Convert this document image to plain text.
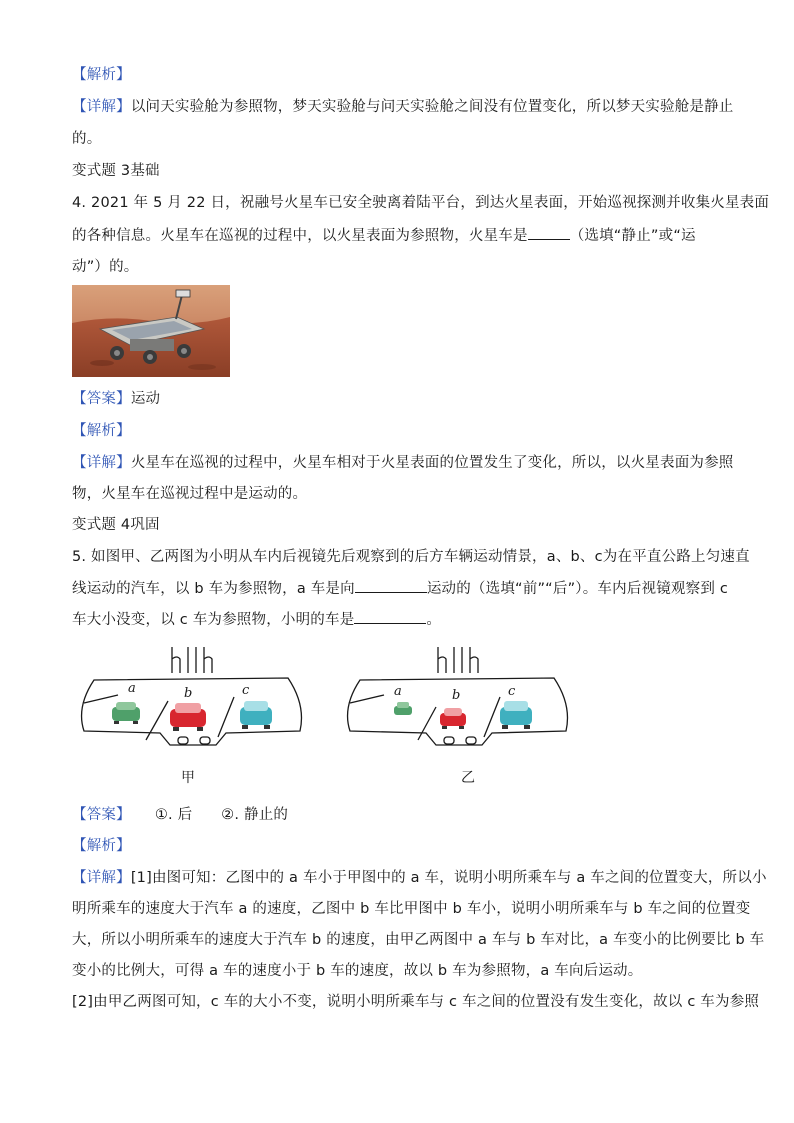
【解析】
【详解】以问天实验舱为参照物，梦天实验舱与问天实验舱之间没有位置变化，所以梦天实验舱是静止
的。
变式题 3基础
4. 2021 年 5 月 22 日，祝融号火星车已安全驶离着陆平台，到达火星表面，开始巡视探测并收集火星表面
的各种信息。火星车在巡视的过程中，以火星表面为参照物，火星车是	（选填“静止”或“运
动”）的。
【答案】运动
【解析】
【详解】火星车在巡视的过程中，火星车相对于火星表面的位置发生了变化，所以，以火星表面为参照
物，火星车在巡视过程中是运动的。
变式题 4巩固
5. 如图甲、乙两图为小明从车内后视镜先后观察到的后方车辆运动情景，a、b、c为在平直公路上匀速直
线运动的汽车，以 b 车为参照物，a 车是向	运动的（选填“前”“后”）。车内后视镜观察到 c
车大小没变，以 c 车为参照物，小明的车是	。
a	b	c
甲
a	b	c
乙
【答案】 ①. 后      ②. 静止的
【解析】
【详解】[1]由图可知：乙图中的 a 车小于甲图中的 a 车，说明小明所乘车与 a 车之间的位置变大，所以小
明所乘车的速度大于汽车 a 的速度，乙图中 b 车比甲图中 b 车小，说明小明所乘车与 b 车之间的位置变
大，所以小明所乘车的速度大于汽车 b 的速度，由甲乙两图中 a 车与 b 车对比，a 车变小的比例要比 b 车
变小的比例大，可得 a 车的速度小于 b 车的速度，故以 b 车为参照物，a 车向后运动。
[2]由甲乙两图可知，c 车的大小不变，说明小明所乘车与 c 车之间的位置没有发生变化，故以 c 车为参照
